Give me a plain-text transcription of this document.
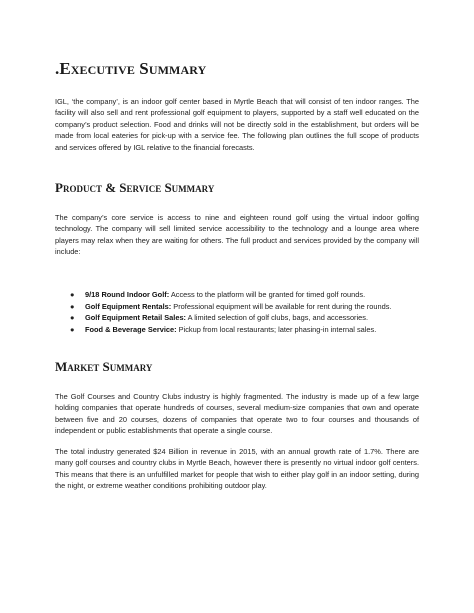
.Executive Summary

IGL, ‘the company’, is an indoor golf center based in Myrtle Beach that will consist of ten indoor ranges. The facility will also sell and rent professional golf equipment to players, supported by a staff well educated on the company’s product selection. Food and drinks will not be directly sold in the establishment, but orders will be made from local eateries for pick-up with a service fee. The following plan outlines the full scope of products and services offered by IGL relative to the financial forecasts.

Product & Service Summary

The company’s core service is access to nine and eighteen round golf using the virtual indoor golfing technology. The company will sell limited service accessibility to the technology and a lounge area where players may relax when they are waiting for others. The full product and services provided by the company will include:

● 9/18 Round Indoor Golf: Access to the platform will be granted for timed golf rounds.
● Golf Equipment Rentals: Professional equipment will be available for rent during the rounds.
● Golf Equipment Retail Sales: A limited selection of golf clubs, bags, and accessories.
● Food & Beverage Service: Pickup from local restaurants; later phasing-in internal sales.
Market Summary

The Golf Courses and Country Clubs industry is highly fragmented. The industry is made up of a few large holding companies that operate hundreds of courses, several medium-size companies that own and operate between five and 20 courses, dozens of companies that operate two to four courses and thousands of independent or public establishments that operate a single course.

The total industry generated $24 Billion in revenue in 2015, with an annual growth rate of 1.7%. There are many golf courses and country clubs in Myrtle Beach, however there is presently no virtual indoor golf centers. This means that there is an unfulfilled market for people that wish to either play golf in an indoor setting, during the night, or extreme weather conditions prohibiting outdoor play.
